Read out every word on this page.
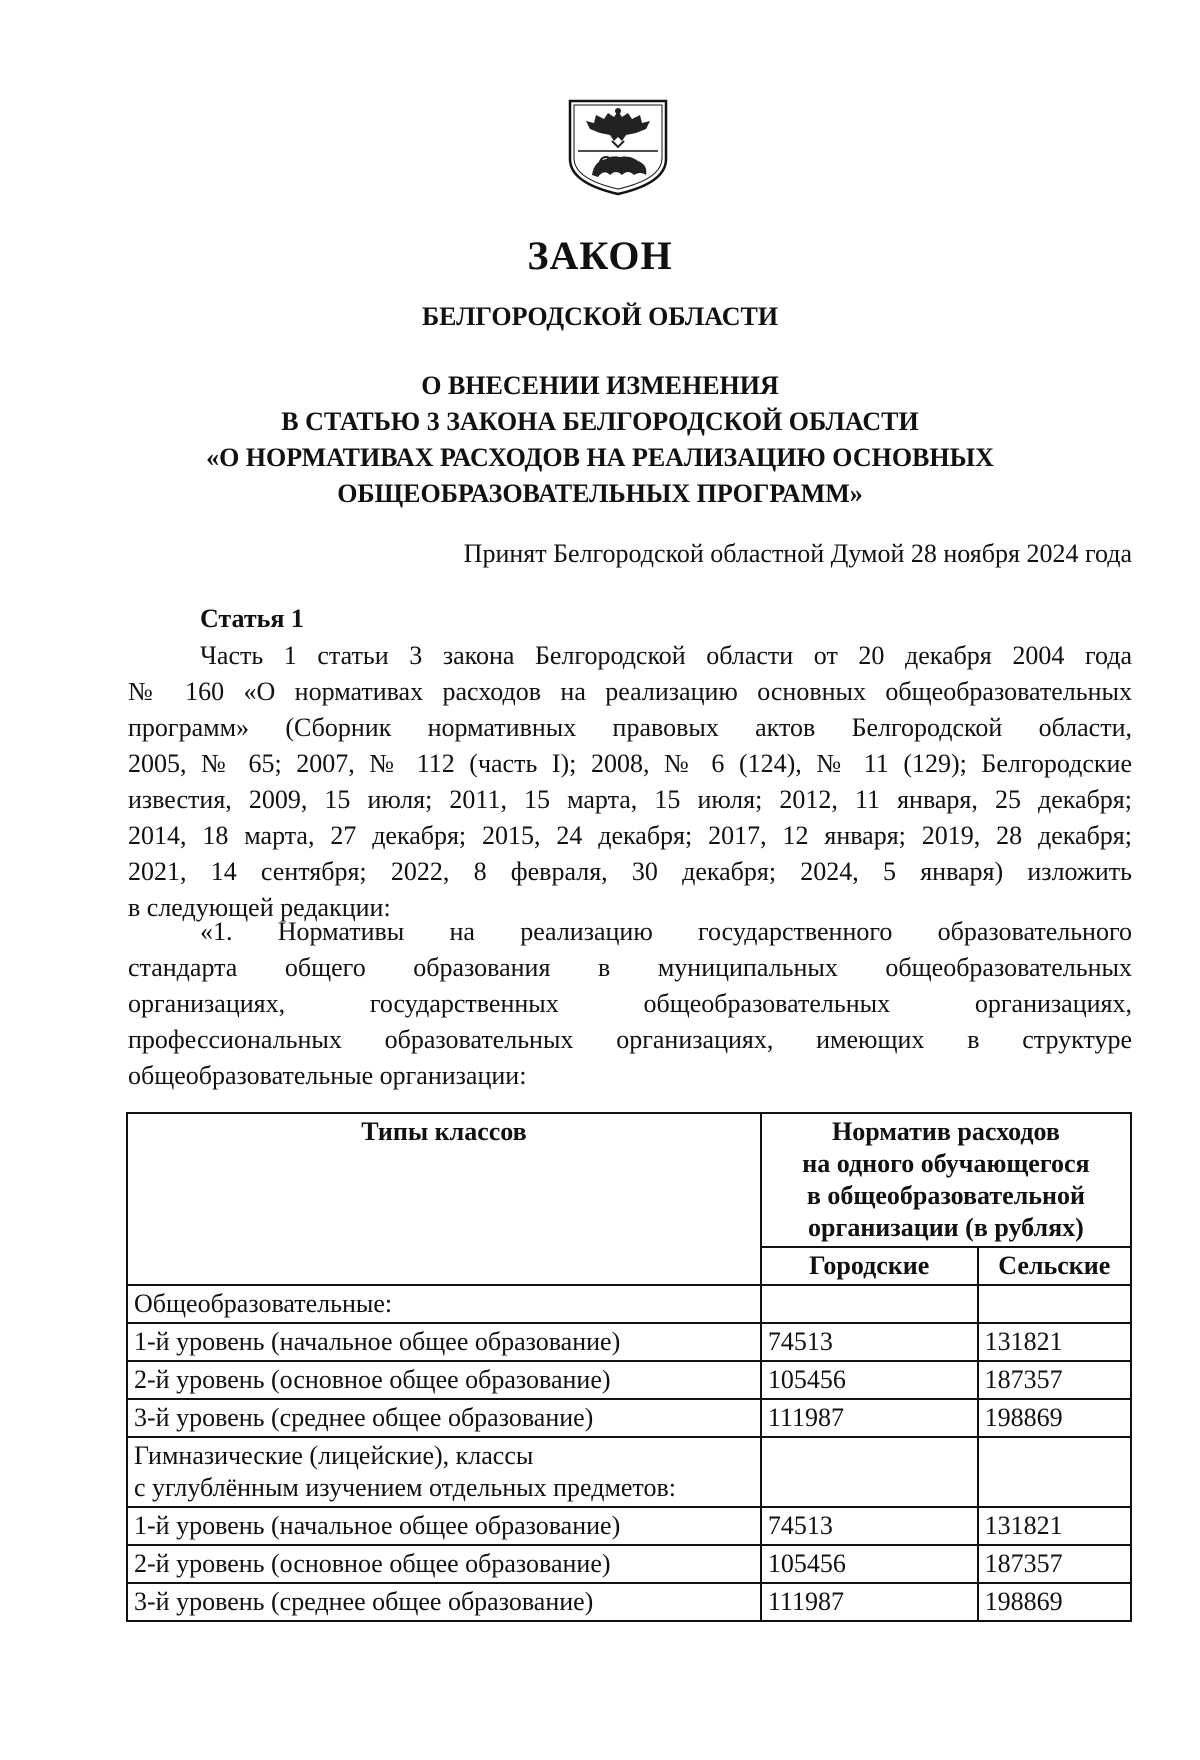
ЗАКОН
БЕЛГОРОДСКОЙ ОБЛАСТИ
О ВНЕСЕНИИ ИЗМЕНЕНИЯ
В СТАТЬЮ 3 ЗАКОНА БЕЛГОРОДСКОЙ ОБЛАСТИ
«О НОРМАТИВАХ РАСХОДОВ НА РЕАЛИЗАЦИЮ ОСНОВНЫХ
ОБЩЕОБРАЗОВАТЕЛЬНЫХ ПРОГРАММ»
Принят Белгородской областной Думой 28 ноября 2024 года
Статья 1
Часть 1 статьи 3 закона Белгородской области от 20 декабря 2004 года
№ 160 «О нормативах расходов на реализацию основных общеобразовательных
программ» (Сборник нормативных правовых актов Белгородской области,
2005, № 65; 2007, № 112 (часть I); 2008, № 6 (124), № 11 (129); Белгородские
известия, 2009, 15 июля; 2011, 15 марта, 15 июля; 2012, 11 января, 25 декабря;
2014, 18 марта, 27 декабря; 2015, 24 декабря; 2017, 12 января; 2019, 28 декабря;
2021, 14 сентября; 2022, 8 февраля, 30 декабря; 2024, 5 января) изложить
в следующей редакции:
«1. Нормативы на реализацию государственного образовательного
стандарта общего образования в муниципальных общеобразовательных
организациях, государственных общеобразовательных организациях,
профессиональных образовательных организациях, имеющих в структуре
общеобразовательные организации:
Типы классов	Норматив расходов
на одного обучающегося
в общеобразовательной
организации (в рублях)	

	Городские	Сельские
Общеобразовательные:		
1-й уровень (начальное общее образование)	74513	131821
2-й уровень (основное общее образование)	105456	187357
3-й уровень (среднее общее образование)	111987	198869

Гимназические (лицейские), классы
с углублённым изучением отдельных предметов:		

1-й уровень (начальное общее образование)	74513	131821
2-й уровень (основное общее образование)	105456	187357
3-й уровень (среднее общее образование)	111987	198869
